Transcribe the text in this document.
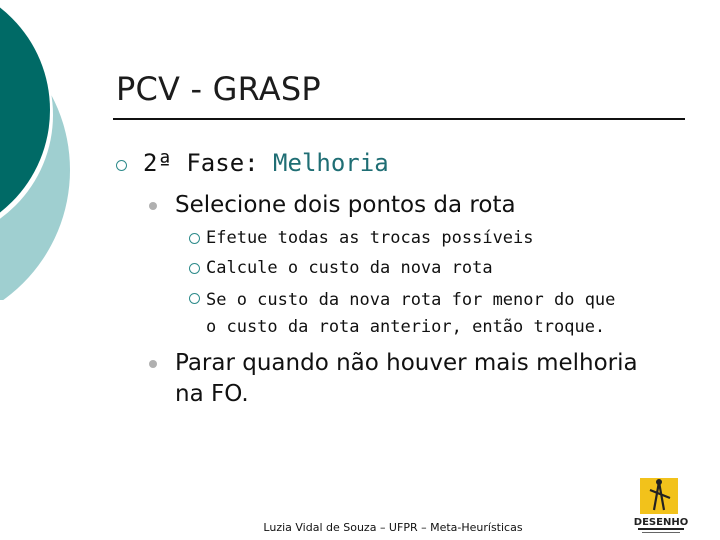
PCV - GRASP
2ª Fase: Melhoria
Selecione dois pontos da rota
Efetue todas as trocas possíveis
Calcule o custo da nova rota
Se o custo da nova rota for menor do que
o custo da rota anterior, então troque.
Parar quando não houver mais melhoria
na FO.
Luzia Vidal de Souza – UFPR – Meta-Heurísticas	DESENHO
